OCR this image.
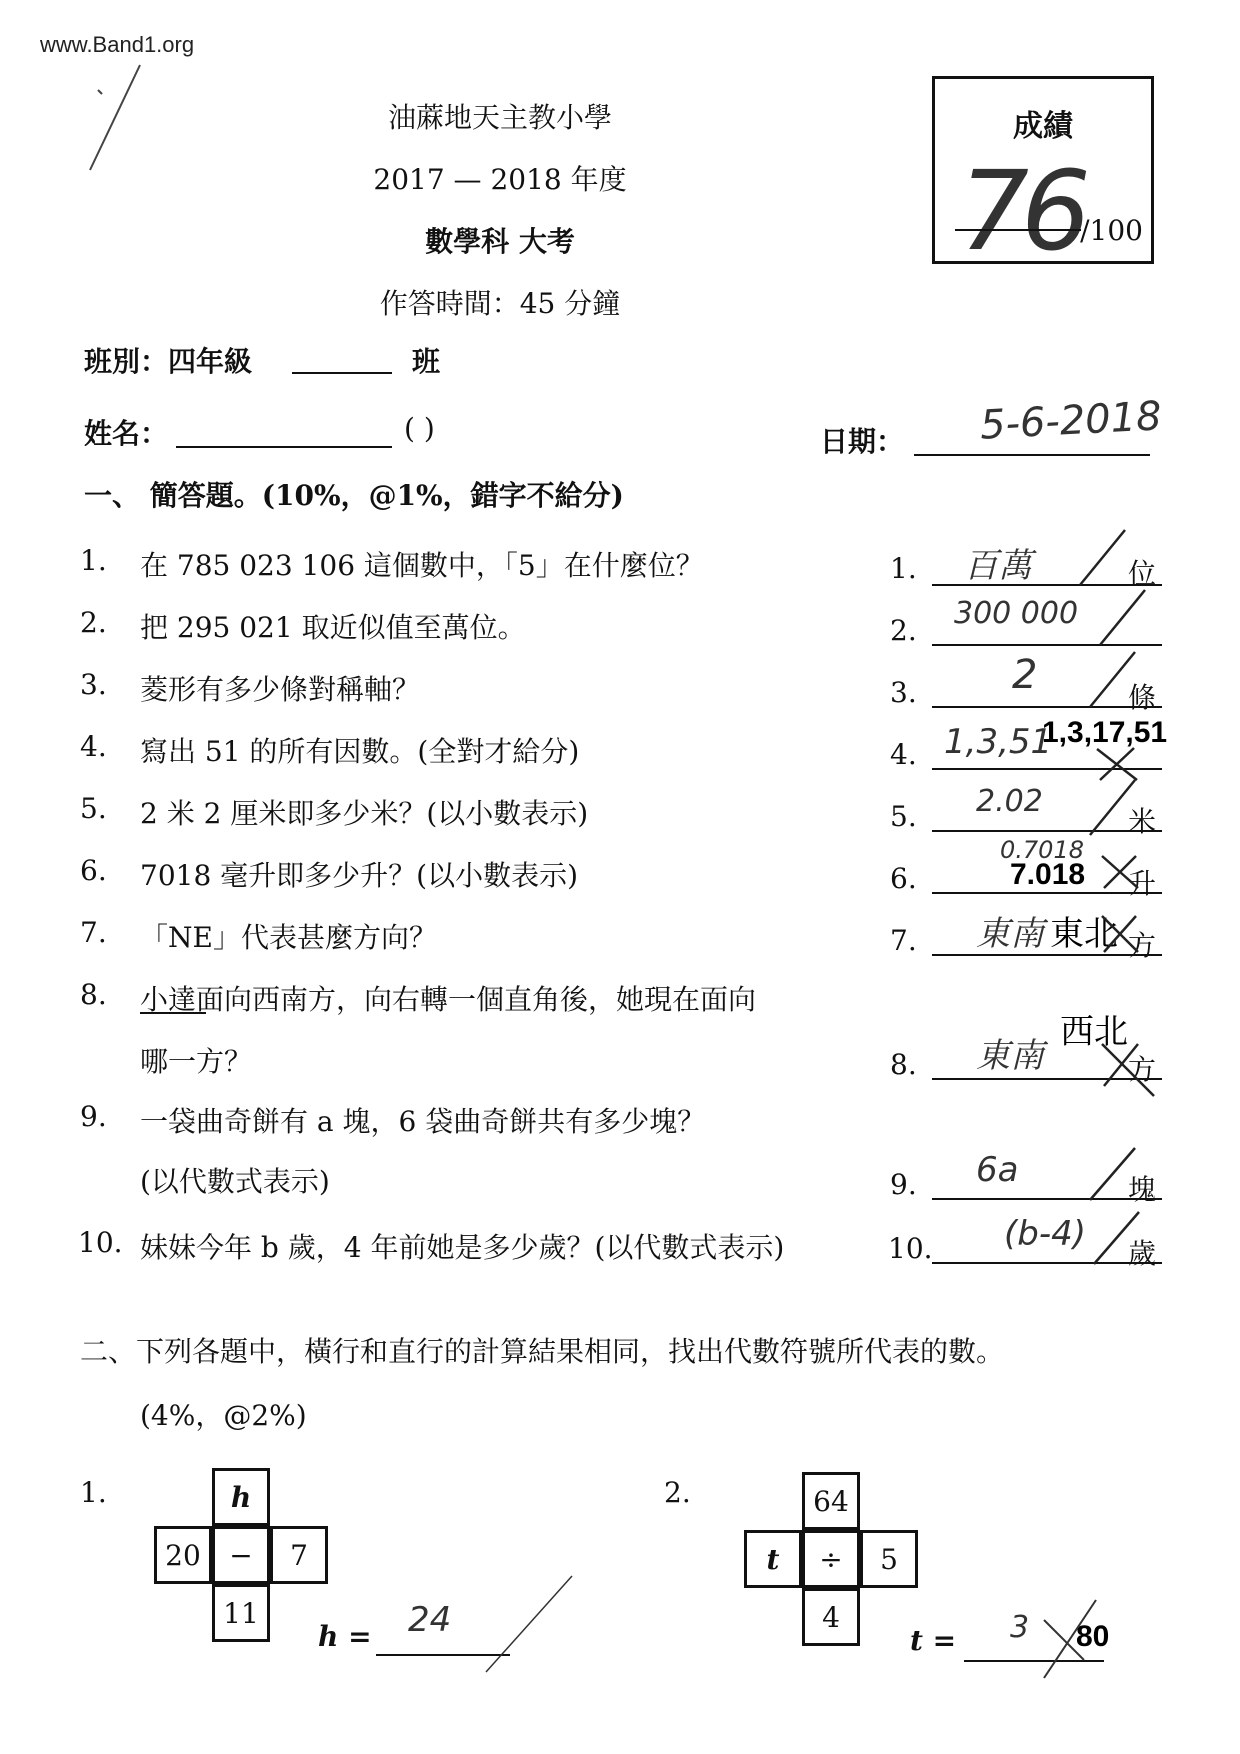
www.Band1.org
油蔴地天主教小學
2017 — 2018 年度
數學科 大考
作答時間：45 分鐘
成績
76
/100
班別：四年級	班
姓名：	( )	日期： 5-6-2018
一、 簡答題。(10%，@1%，錯字不給分)
1. 在 785 023 106 這個數中，「5」在什麼位？	1. 百萬	位
2. 把 295 021 取近似值至萬位。	2. 300 000
3. 菱形有多少條對稱軸？	3. 2	條
4. 寫出 51 的所有因數。(全對才給分)	4. 1,3,51
1,3,17,51
5. 2 米 2 厘米即多少米？(以小數表示)	5. 2.02
米
6. 7018 毫升即多少升？(以小數表示)	6.
0.7018
7.018 升
7. 「NE」代表甚麼方向？	7. 東南 東北 方
8. 小達面向西南方，向右轉一個直角後，她現在面向
哪一方？	8. 東南
西北
方
9. 一袋曲奇餅有 a 塊，6 袋曲奇餅共有多少塊？
(以代數式表示)	9. 6a	塊
10. 妹妹今年 b 歲，4 年前她是多少歲？(以代數式表示)	10. (b-4) 歲
二、下列各題中，橫行和直行的計算結果相同，找出代數符號所代表的數。
(4%，@2%)
1.	h
20 − 7
11
h = 24
2.	64
t ÷ 5
4
t = 3 80
